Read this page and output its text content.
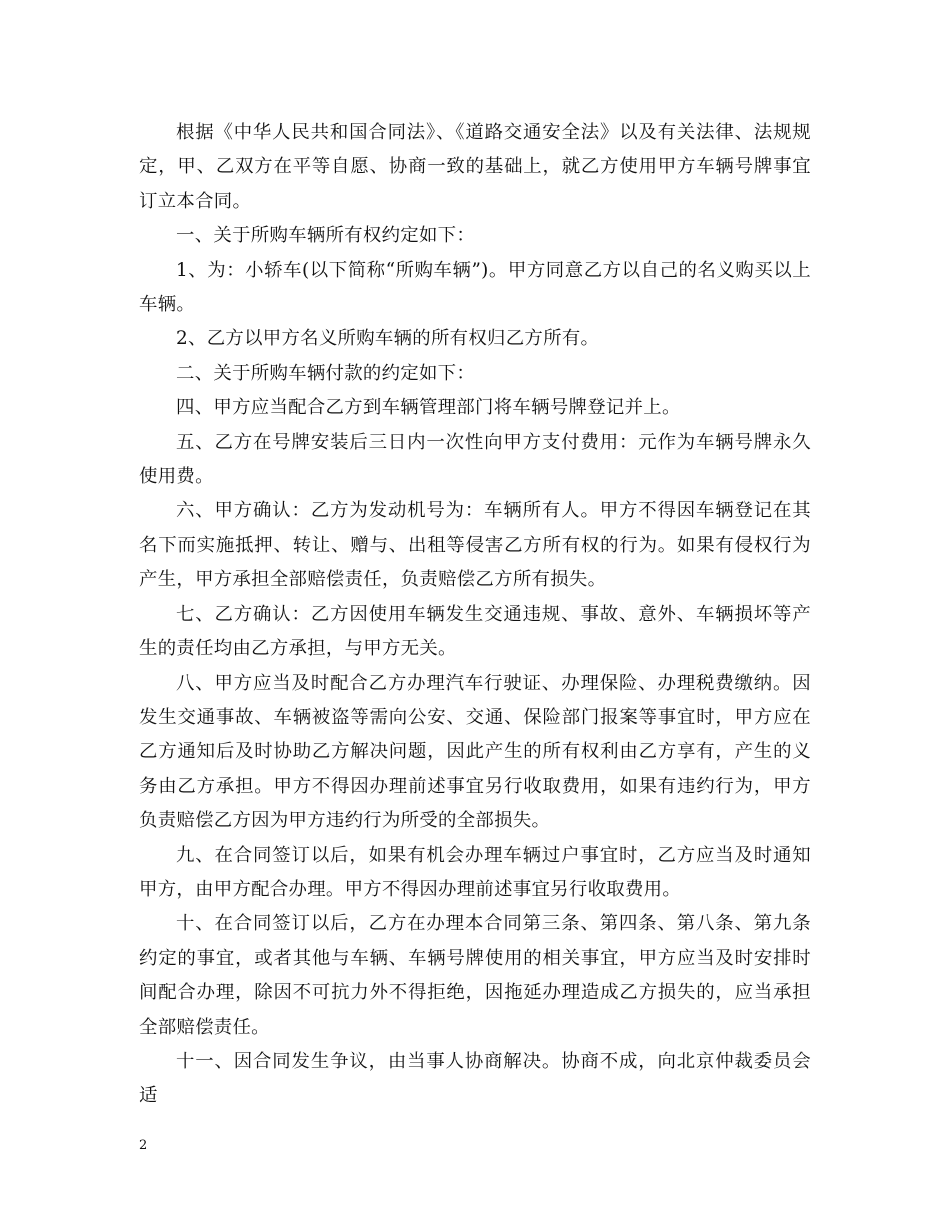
根据《中华人民共和国合同法》、《道路交通安全法》以及有关法律、法规规定，甲、乙双方在平等自愿、协商一致的基础上，就乙方使用甲方车辆号牌事宜订立本合同。

一、关于所购车辆所有权约定如下：

1、为：小轿车(以下简称“所购车辆”)。甲方同意乙方以自己的名义购买以上车辆。

2、乙方以甲方名义所购车辆的所有权归乙方所有。

二、关于所购车辆付款的约定如下：

四、甲方应当配合乙方到车辆管理部门将车辆号牌登记并上。

五、乙方在号牌安装后三日内一次性向甲方支付费用：元作为车辆号牌永久使用费。

六、甲方确认：乙方为发动机号为：车辆所有人。甲方不得因车辆登记在其名下而实施抵押、转让、赠与、出租等侵害乙方所有权的行为。如果有侵权行为产生，甲方承担全部赔偿责任，负责赔偿乙方所有损失。

七、乙方确认：乙方因使用车辆发生交通违规、事故、意外、车辆损坏等产生的责任均由乙方承担，与甲方无关。

八、甲方应当及时配合乙方办理汽车行驶证、办理保险、办理税费缴纳。因发生交通事故、车辆被盗等需向公安、交通、保险部门报案等事宜时，甲方应在乙方通知后及时协助乙方解决问题，因此产生的所有权利由乙方享有，产生的义务由乙方承担。甲方不得因办理前述事宜另行收取费用，如果有违约行为，甲方负责赔偿乙方因为甲方违约行为所受的全部损失。

九、在合同签订以后，如果有机会办理车辆过户事宜时，乙方应当及时通知甲方，由甲方配合办理。甲方不得因办理前述事宜另行收取费用。

十、在合同签订以后，乙方在办理本合同第三条、第四条、第八条、第九条约定的事宜，或者其他与车辆、车辆号牌使用的相关事宜，甲方应当及时安排时间配合办理，除因不可抗力外不得拒绝，因拖延办理造成乙方损失的，应当承担全部赔偿责任。

十一、因合同发生争议，由当事人协商解决。协商不成，向北京仲裁委员会适

2
